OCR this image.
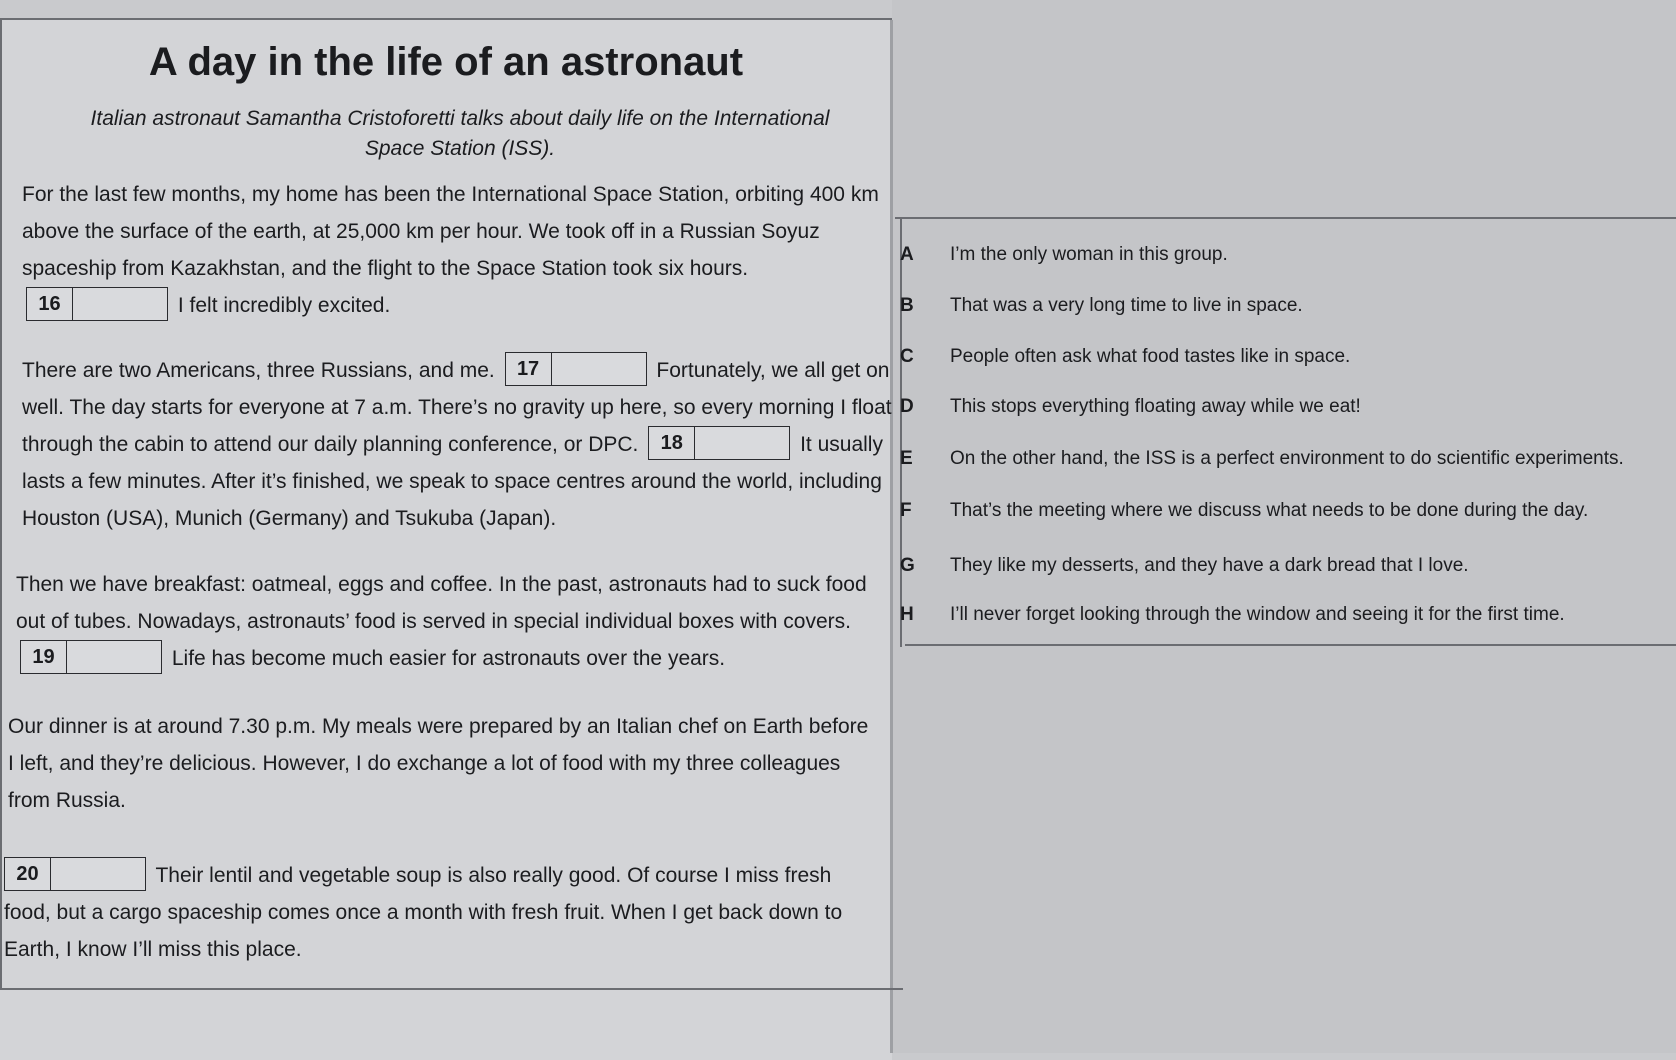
A day in the life of an astronaut

Italian astronaut Samantha Cristoforetti talks about daily life on the International Space Station (ISS).

For the last few months, my home has been the International Space Station, orbiting 400 km above the surface of the earth, at 25,000 km per hour. We took off in a Russian Soyuz spaceship from Kazakhstan, and the flight to the Space Station took six hours. 16	I felt incredibly excited.

There are two Americans, three Russians, and me. 17	Fortunately, we all get on well. The day starts for everyone at 7 a.m. There’s no gravity up here, so every morning I float through the cabin to attend our daily planning conference, or DPC. 18	It usually lasts a few minutes. After it’s finished, we speak to space centres around the world, including Houston (USA), Munich (Germany) and Tsukuba (Japan).

Then we have breakfast: oatmeal, eggs and coffee. In the past, astronauts had to suck food out of tubes. Nowadays, astronauts’ food is served in special individual boxes with covers. 19	Life has become much easier for astronauts over the years.

Our dinner is at around 7.30 p.m. My meals were prepared by an Italian chef on Earth before I left, and they’re delicious. However, I do exchange a lot of food with my three colleagues from Russia.

20	Their lentil and vegetable soup is also really good. Of course I miss fresh food, but a cargo spaceship comes once a month with fresh fruit. When I get back down to Earth, I know I’ll miss this place.

A I’m the only woman in this group.
B That was a very long time to live in space.
C People often ask what food tastes like in space.
D This stops everything floating away while we eat!
E On the other hand, the ISS is a perfect environment to do scientific experiments.
F That’s the meeting where we discuss what needs to be done during the day.
G They like my desserts, and they have a dark bread that I love.
H I’ll never forget looking through the window and seeing it for the first time.
